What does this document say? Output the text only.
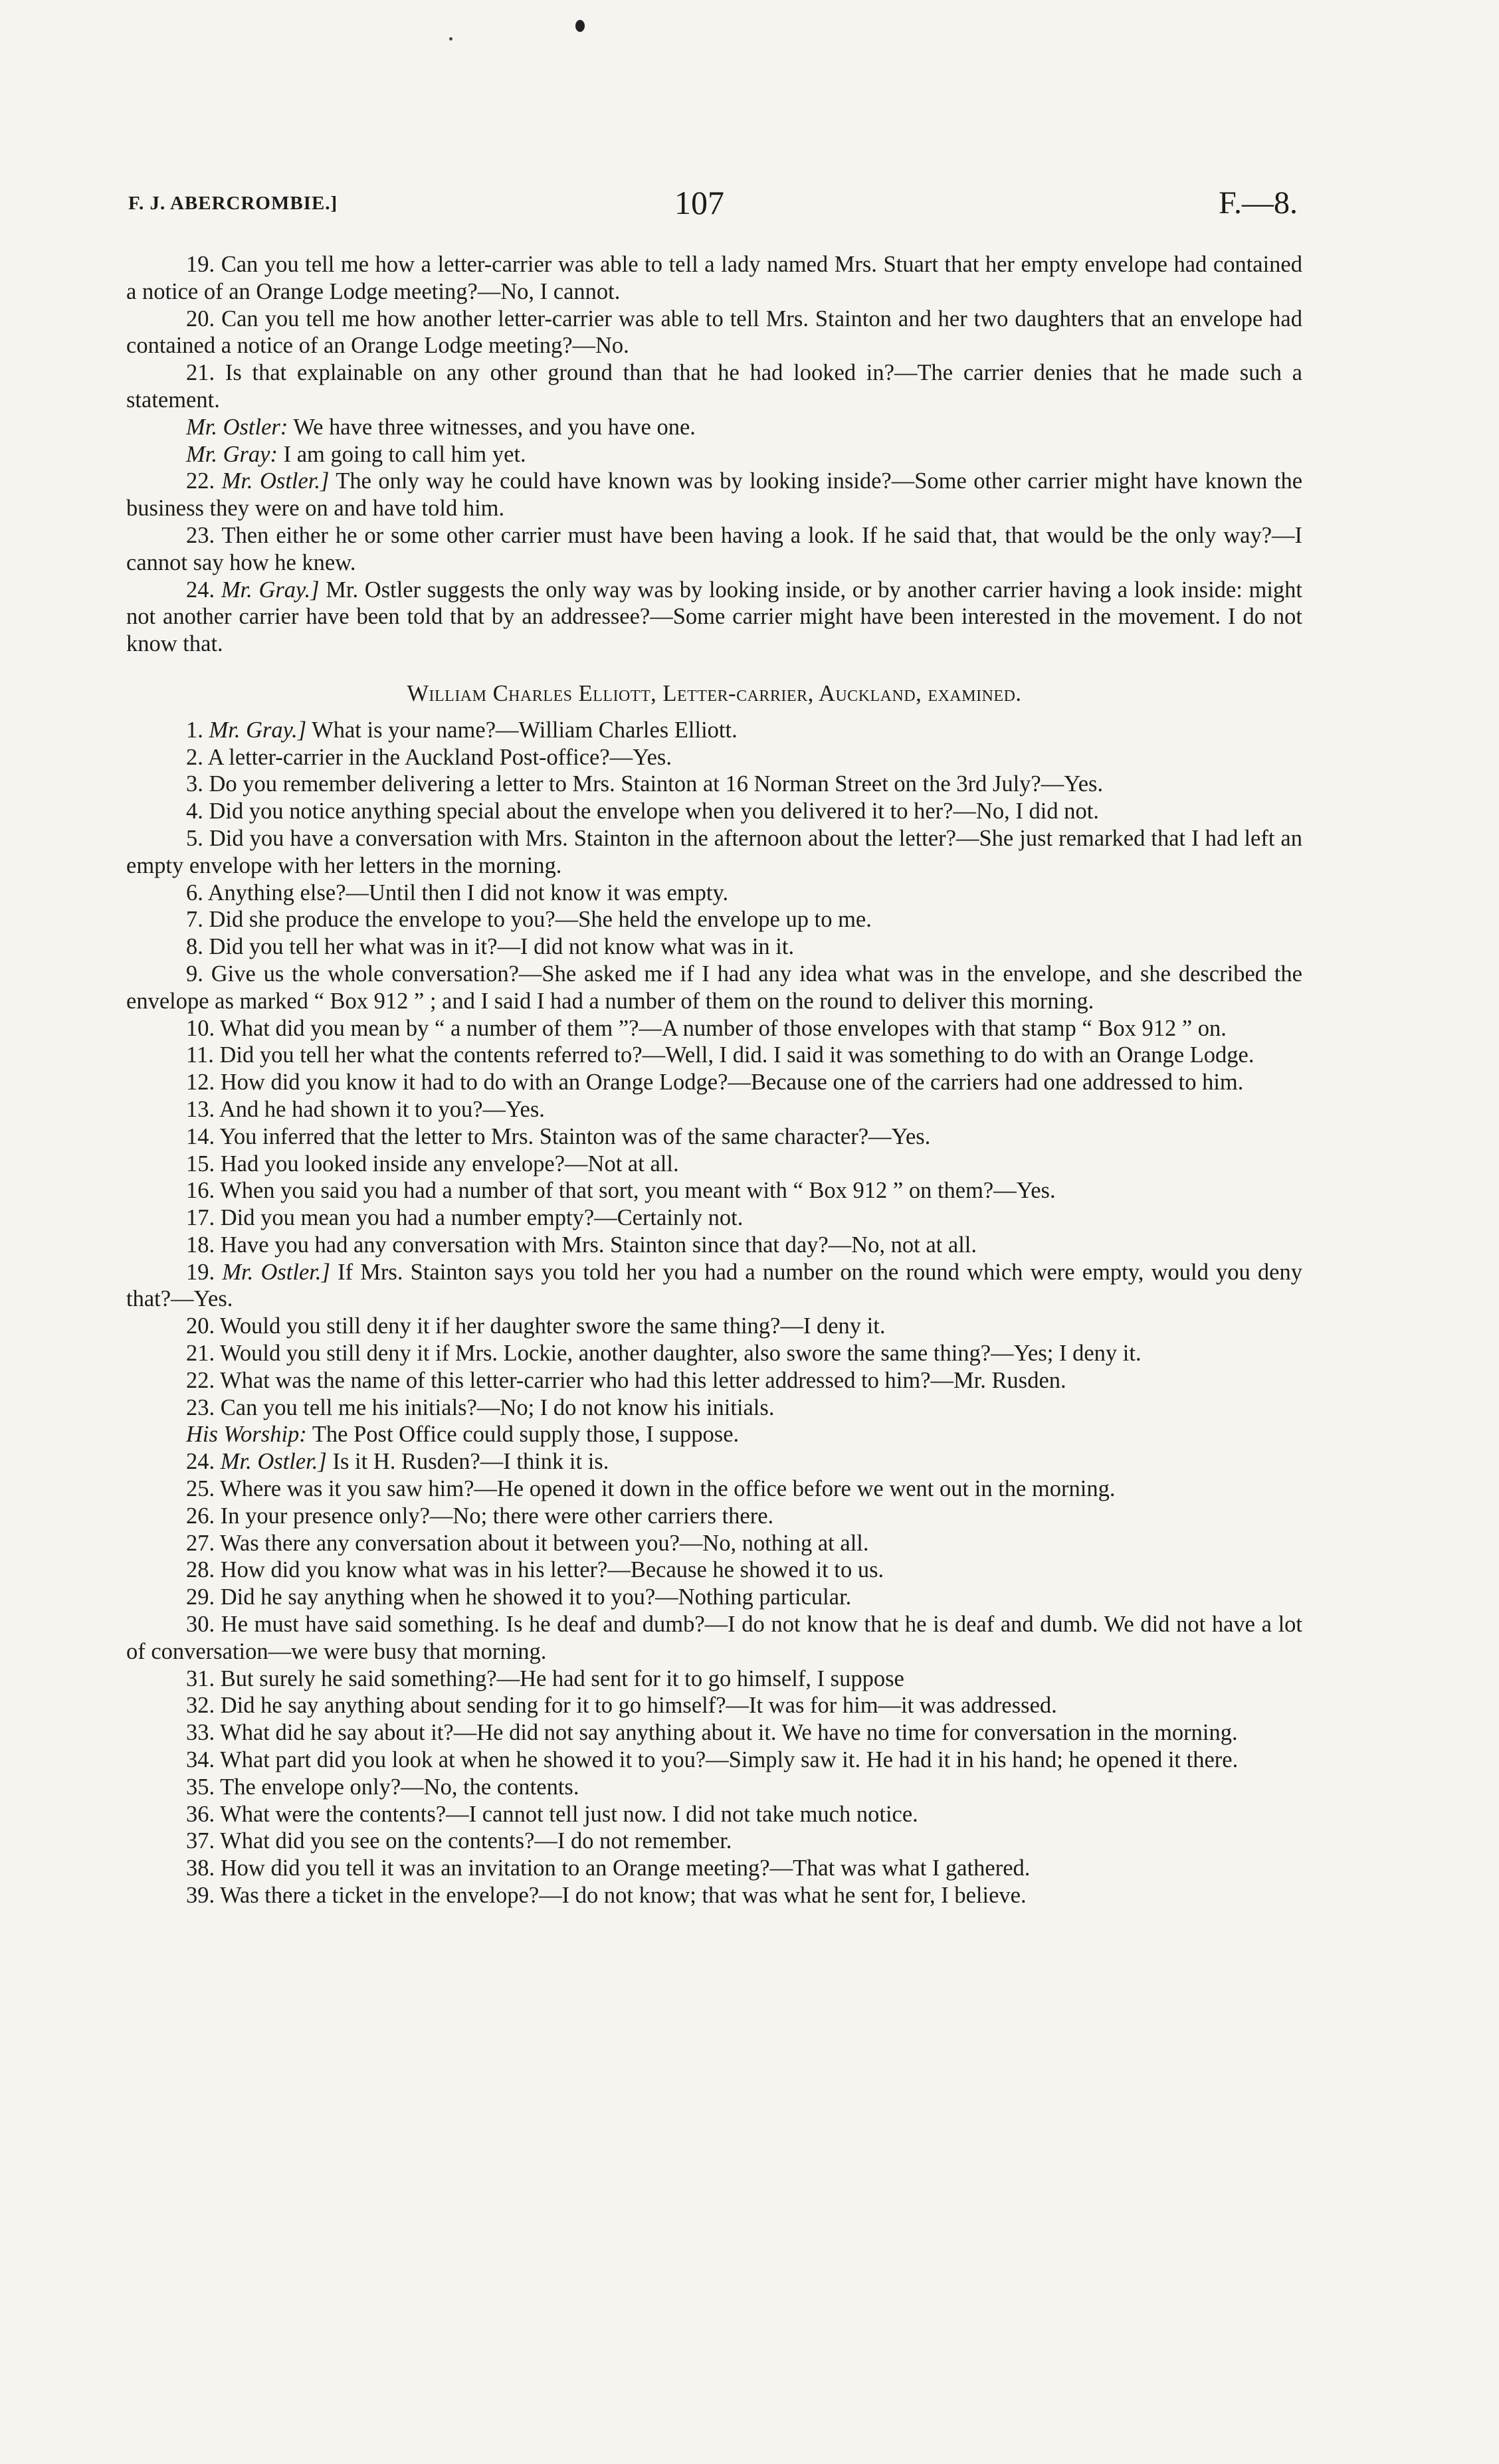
F. J. ABERCROMBIE.]	107	F.—8.

19. Can you tell me how a letter-carrier was able to tell a lady named Mrs. Stuart that her empty envelope had contained a notice of an Orange Lodge meeting?—No, I cannot.

20. Can you tell me how another letter-carrier was able to tell Mrs. Stainton and her two daughters that an envelope had contained a notice of an Orange Lodge meeting?—No.

21. Is that explainable on any other ground than that he had looked in?—The carrier denies that he made such a statement.

Mr. Ostler: We have three witnesses, and you have one.

Mr. Gray: I am going to call him yet.

22. Mr. Ostler.] The only way he could have known was by looking inside?—Some other carrier might have known the business they were on and have told him.

23. Then either he or some other carrier must have been having a look. If he said that, that would be the only way?—I cannot say how he knew.

24. Mr. Gray.] Mr. Ostler suggests the only way was by looking inside, or by another carrier having a look inside: might not another carrier have been told that by an addressee?—Some carrier might have been interested in the movement. I do not know that.

William Charles Elliott, Letter-carrier, Auckland, examined.

1. Mr. Gray.] What is your name?—William Charles Elliott.

2. A letter-carrier in the Auckland Post-office?—Yes.

3. Do you remember delivering a letter to Mrs. Stainton at 16 Norman Street on the 3rd July?—Yes.

4. Did you notice anything special about the envelope when you delivered it to her?—No, I did not.

5. Did you have a conversation with Mrs. Stainton in the afternoon about the letter?—She just remarked that I had left an empty envelope with her letters in the morning.

6. Anything else?—Until then I did not know it was empty.

7. Did she produce the envelope to you?—She held the envelope up to me.

8. Did you tell her what was in it?—I did not know what was in it.

9. Give us the whole conversation?—She asked me if I had any idea what was in the envelope, and she described the envelope as marked “ Box 912 ” ; and I said I had a number of them on the round to deliver this morning.

10. What did you mean by “ a number of them ”?—A number of those envelopes with that stamp “ Box 912 ” on.

11. Did you tell her what the contents referred to?—Well, I did. I said it was something to do with an Orange Lodge.

12. How did you know it had to do with an Orange Lodge?—Because one of the carriers had one addressed to him.

13. And he had shown it to you?—Yes.

14. You inferred that the letter to Mrs. Stainton was of the same character?—Yes.

15. Had you looked inside any envelope?—Not at all.

16. When you said you had a number of that sort, you meant with “ Box 912 ” on them?—Yes.

17. Did you mean you had a number empty?—Certainly not.

18. Have you had any conversation with Mrs. Stainton since that day?—No, not at all.

19. Mr. Ostler.] If Mrs. Stainton says you told her you had a number on the round which were empty, would you deny that?—Yes.

20. Would you still deny it if her daughter swore the same thing?—I deny it.

21. Would you still deny it if Mrs. Lockie, another daughter, also swore the same thing?—Yes; I deny it.

22. What was the name of this letter-carrier who had this letter addressed to him?—Mr. Rusden.

23. Can you tell me his initials?—No; I do not know his initials.

His Worship: The Post Office could supply those, I suppose.

24. Mr. Ostler.] Is it H. Rusden?—I think it is.

25. Where was it you saw him?—He opened it down in the office before we went out in the morning.

26. In your presence only?—No; there were other carriers there.

27. Was there any conversation about it between you?—No, nothing at all.

28. How did you know what was in his letter?—Because he showed it to us.

29. Did he say anything when he showed it to you?—Nothing particular.

30. He must have said something. Is he deaf and dumb?—I do not know that he is deaf and dumb. We did not have a lot of conversation—we were busy that morning.

31. But surely he said something?—He had sent for it to go himself, I suppose

32. Did he say anything about sending for it to go himself?—It was for him—it was addressed.

33. What did he say about it?—He did not say anything about it. We have no time for conversation in the morning.

34. What part did you look at when he showed it to you?—Simply saw it. He had it in his hand; he opened it there.

35. The envelope only?—No, the contents.

36. What were the contents?—I cannot tell just now. I did not take much notice.

37. What did you see on the contents?—I do not remember.

38. How did you tell it was an invitation to an Orange meeting?—That was what I gathered.

39. Was there a ticket in the envelope?—I do not know; that was what he sent for, I believe.
